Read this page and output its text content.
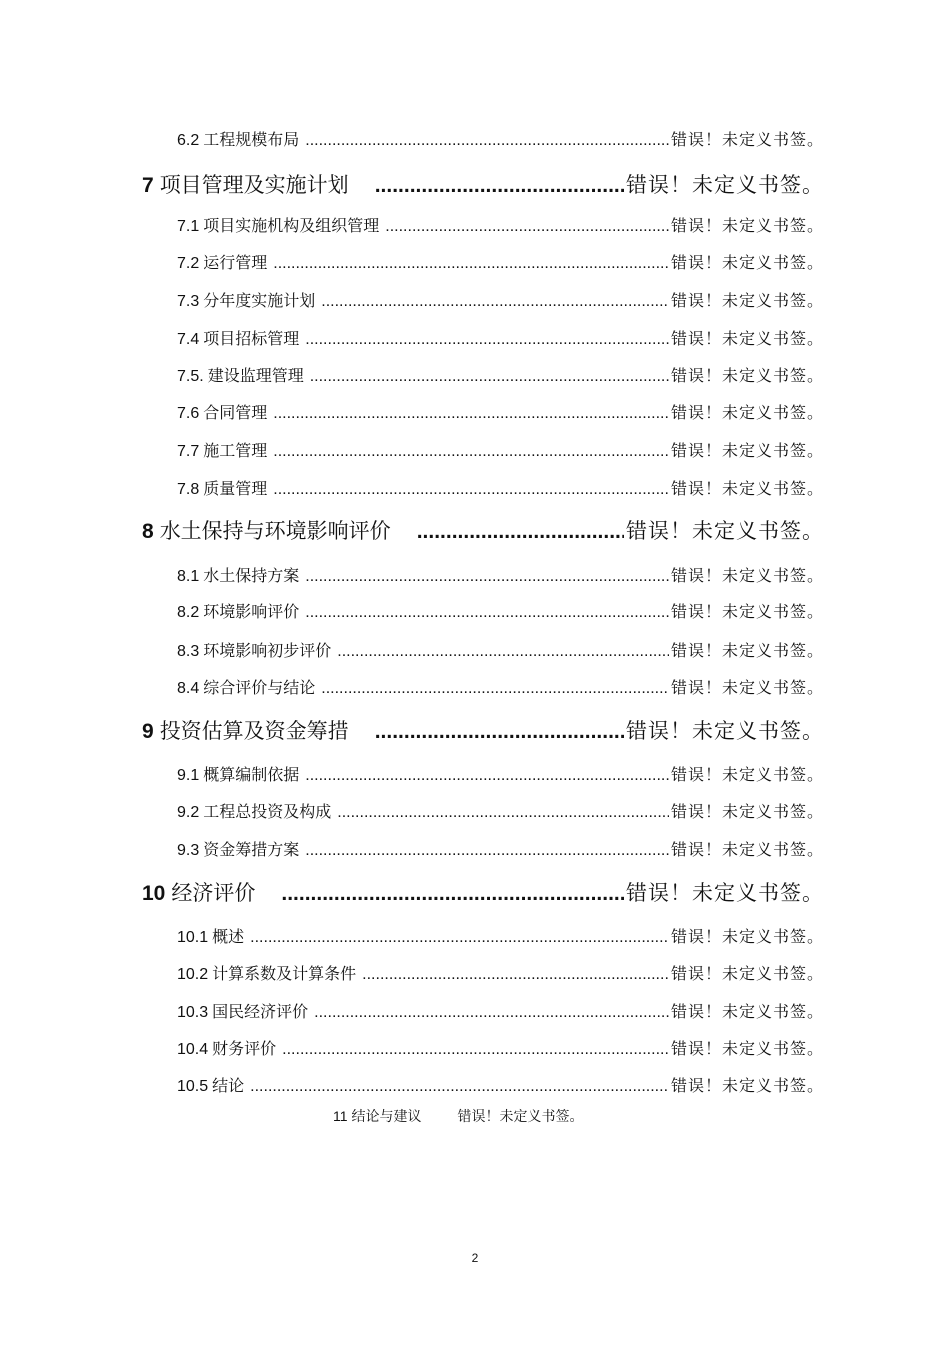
6.2 工程规模布局 .....	错误！未定义书签。
7 项目管理及实施计划 .....	错误！未定义书签。
7.1 项目实施机构及组织管理 .....	错误！未定义书签。
7.2 运行管理 .....	错误！未定义书签。
7.3 分年度实施计划 .....	错误！未定义书签。
7.4 项目招标管理 .....	错误！未定义书签。
7.5. 建设监理管理 .....	错误！未定义书签。
7.6 合同管理 .....	错误！未定义书签。
7.7 施工管理 .....	错误！未定义书签。
7.8 质量管理 .....	错误！未定义书签。
8 水土保持与环境影响评价 .....	错误！未定义书签。
8.1 水土保持方案 .....	错误！未定义书签。
8.2 环境影响评价 .....	错误！未定义书签。
8.3 环境影响初步评价 .....	错误！未定义书签。
8.4 综合评价与结论 .....	错误！未定义书签。
9 投资估算及资金筹措 .....	错误！未定义书签。
9.1 概算编制依据 .....	错误！未定义书签。
9.2 工程总投资及构成 .....	错误！未定义书签。
9.3 资金筹措方案 .....	错误！未定义书签。
10 经济评价 .....	错误！未定义书签。
10.1 概述 .....	错误！未定义书签。
10.2 计算系数及计算条件 .....	错误！未定义书签。
10.3 国民经济评价 .....	错误！未定义书签。
10.4 财务评价 .....	错误！未定义书签。
10.5 结论 .....	错误！未定义书签。
11 结论与建议	错误！未定义书签。
2
